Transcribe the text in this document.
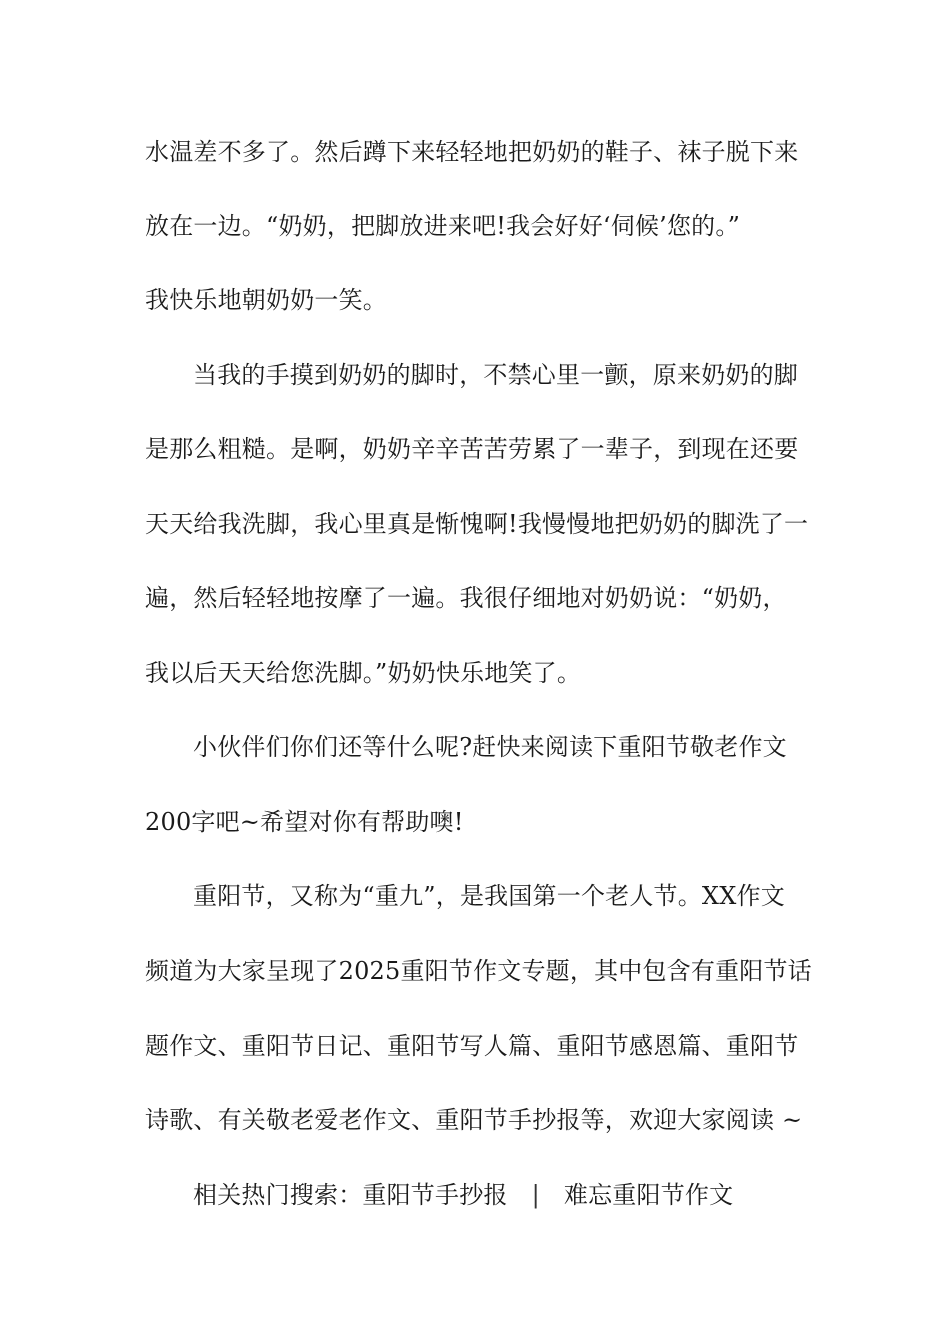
水温差不多了。然后蹲下来轻轻地把奶奶的鞋子、袜子脱下来
放在一边。“奶奶，把脚放进来吧!我会好好‘伺候’您的。”
我快乐地朝奶奶一笑。
当我的手摸到奶奶的脚时，不禁心里一颤，原来奶奶的脚
是那么粗糙。是啊，奶奶辛辛苦苦劳累了一辈子，到现在还要
天天给我洗脚，我心里真是惭愧啊!我慢慢地把奶奶的脚洗了一
遍，然后轻轻地按摩了一遍。我很仔细地对奶奶说：“奶奶，
我以后天天给您洗脚。”奶奶快乐地笑了。
小伙伴们你们还等什么呢?赶快来阅读下重阳节敬老作文
200字吧~希望对你有帮助噢!
重阳节，又称为“重九”，是我国第一个老人节。XX作文
频道为大家呈现了2025重阳节作文专题，其中包含有重阳节话
题作文、重阳节日记、重阳节写人篇、重阳节感恩篇、重阳节
诗歌、有关敬老爱老作文、重阳节手抄报等，欢迎大家阅读 ~
相关热门搜索：重阳节手抄报 | 难忘重阳节作文
